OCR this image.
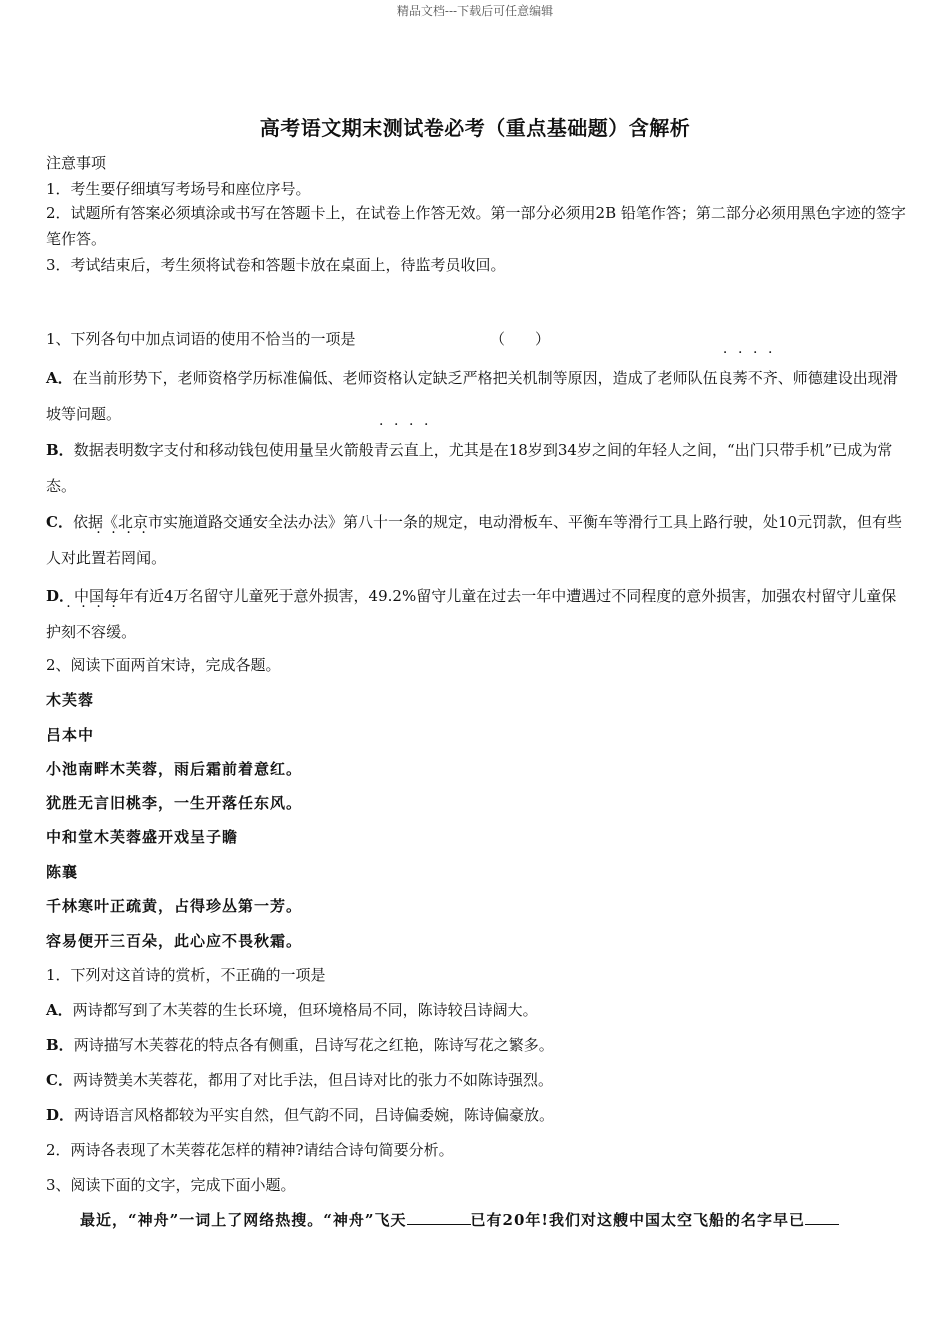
精品文档---下载后可任意编辑
高考语文期末测试卷必考（重点基础题）含解析
注意事项
1．考生要仔细填写考场号和座位序号。
2．试题所有答案必须填涂或书写在答题卡上，在试卷上作答无效。第一部分必须用2B 铅笔作答；第二部分必须用黑色字迹的签字笔作答。
3．考试结束后，考生须将试卷和答题卡放在桌面上，待监考员收回。
1、下列各句中加点词语的使用不恰当的一项是	（　　）
A．在当前形势下，老师资格学历标准偏低、老师资格认定缺乏严格把关机制等原因，造成了老师队伍良莠不齐、师德建设出现滑坡等问题。
B．数据表明数字支付和移动钱包使用量呈火箭般青云直上，尤其是在18岁到34岁之间的年轻人之间，“出门只带手机”已成为常态。
C．依据《北京市实施道路交通安全法办法》第八十一条的规定，电动滑板车、平衡车等滑行工具上路行驶，处10元罚款，但有些人对此置若罔闻。
D．中国每年有近4万名留守儿童死于意外损害，49.2%留守儿童在过去一年中遭遇过不同程度的意外损害，加强农村留守儿童保护刻不容缓。
2、阅读下面两首宋诗，完成各题。
木芙蓉
吕本中
小池南畔木芙蓉，雨后霜前着意红。
犹胜无言旧桃李，一生开落任东风。
中和堂木芙蓉盛开戏呈子瞻
陈襄
千林寒叶正疏黄，占得珍丛第一芳。
容易便开三百朵，此心应不畏秋霜。
1．下列对这首诗的赏析，不正确的一项是
A．两诗都写到了木芙蓉的生长环境，但环境格局不同，陈诗较吕诗阔大。
B．两诗描写木芙蓉花的特点各有侧重，吕诗写花之红艳，陈诗写花之繁多。
C．两诗赞美木芙蓉花，都用了对比手法，但吕诗对比的张力不如陈诗强烈。
D．两诗语言风格都较为平实自然，但气韵不同，吕诗偏委婉，陈诗偏豪放。
2．两诗各表现了木芙蓉花怎样的精神?请结合诗句简要分析。
3、阅读下面的文字，完成下面小题。
最近，“神舟”一词上了网络热搜。“神舟”飞天	已有20年!我们对这艘中国太空飞船的名字早已
